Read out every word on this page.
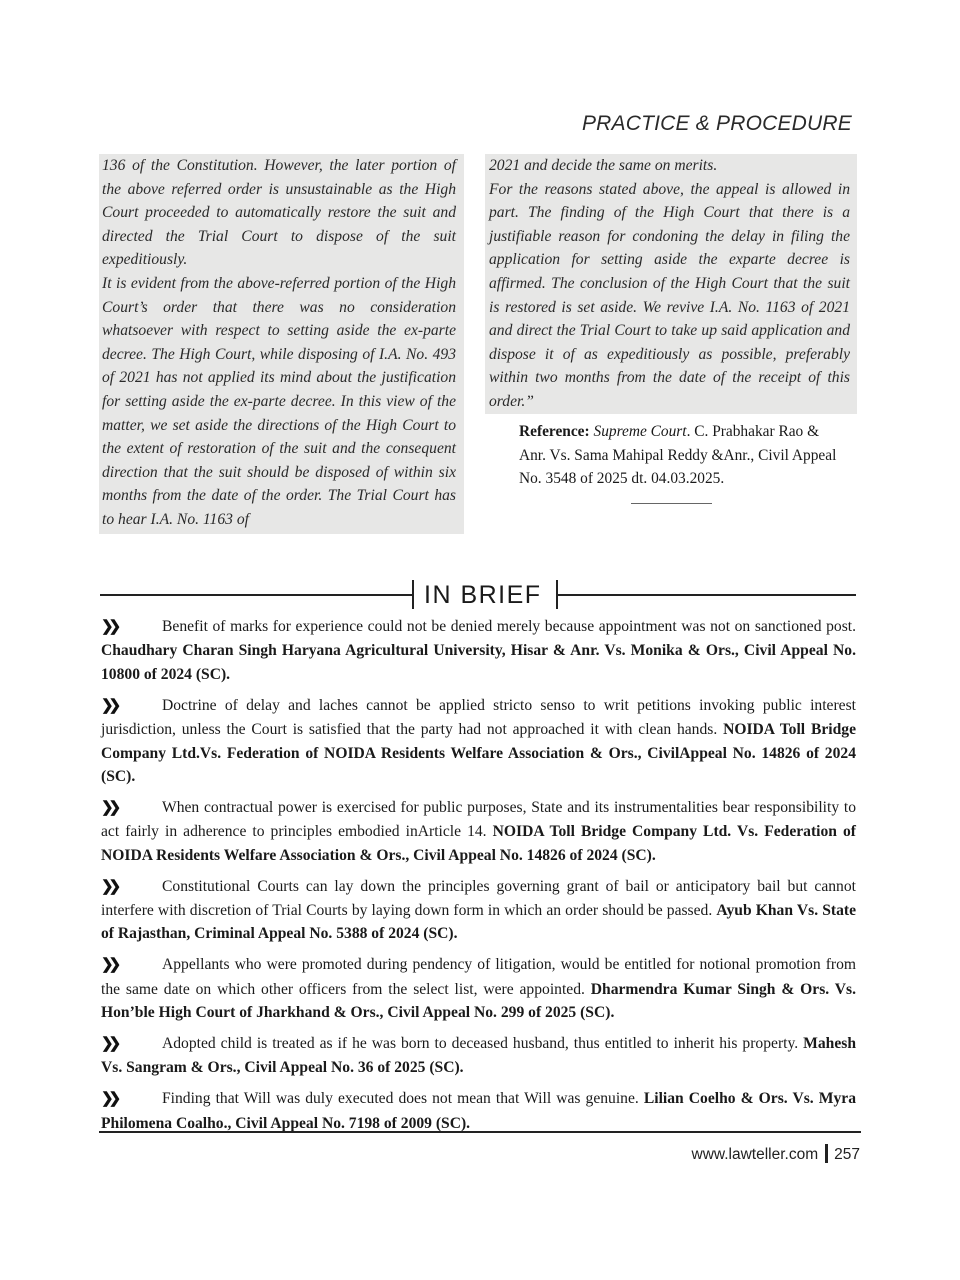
PRACTICE & PROCEDURE

136 of the Constitution. However, the later portion of the above referred order is unsustainable as the High Court proceeded to automatically restore the suit and directed the Trial Court to dispose of the suit expeditiously.

It is evident from the above-referred portion of the High Court’s order that there was no consideration whatsoever with respect to setting aside the ex-parte decree. The High Court, while disposing of I.A. No. 493 of 2021 has not applied its mind about the justification for setting aside the ex-parte decree. In this view of the matter, we set aside the directions of the High Court to the extent of restoration of the suit and the consequent direction that the suit should be disposed of within six months from the date of the order. The Trial Court has to hear I.A. No. 1163 of

2021 and decide the same on merits.

For the reasons stated above, the appeal is allowed in part. The finding of the High Court that there is a justifiable reason for condoning the delay in filing the application for setting aside the exparte decree is affirmed. The conclusion of the High Court that the suit is restored is set aside. We revive I.A. No. 1163 of 2021 and direct the Trial Court to take up said application and dispose it of as expeditiously as possible, preferably within two months from the date of the receipt of this order.”

Reference: Supreme Court. C. Prabhakar Rao & Anr. Vs. Sama Mahipal Reddy &Anr., Civil Appeal No. 3548 of 2025 dt. 04.03.2025.
IN BRIEF

❯❯	Benefit of marks for experience could not be denied merely because appointment was not on sanctioned post. Chaudhary Charan Singh Haryana Agricultural University, Hisar & Anr. Vs. Monika & Ors., Civil Appeal No. 10800 of 2024 (SC).

❯❯	Doctrine of delay and laches cannot be applied stricto senso to writ petitions invoking public interest jurisdiction, unless the Court is satisfied that the party had not approached it with clean hands. NOIDA Toll Bridge Company Ltd.Vs. Federation of NOIDA Residents Welfare Association & Ors., CivilAppeal No. 14826 of 2024 (SC).

❯❯	When contractual power is exercised for public purposes, State and its instrumentalities bear responsibility to act fairly in adherence to principles embodied inArticle 14. NOIDA Toll Bridge Company Ltd. Vs. Federation of NOIDA Residents Welfare Association & Ors., Civil Appeal No. 14826 of 2024 (SC).

❯❯	Constitutional Courts can lay down the principles governing grant of bail or anticipatory bail but cannot interfere with discretion of Trial Courts by laying down form in which an order should be passed. Ayub Khan Vs. State of Rajasthan, Criminal Appeal No. 5388 of 2024 (SC).

❯❯	Appellants who were promoted during pendency of litigation, would be entitled for notional promotion from the same date on which other officers from the select list, were appointed. Dharmendra Kumar Singh & Ors. Vs. Hon’ble High Court of Jharkhand & Ors., Civil Appeal No. 299 of 2025 (SC).

❯❯	Adopted child is treated as if he was born to deceased husband, thus entitled to inherit his property. Mahesh Vs. Sangram & Ors., Civil Appeal No. 36 of 2025 (SC).

❯❯	Finding that Will was duly executed does not mean that Will was genuine. Lilian Coelho & Ors. Vs. Myra Philomena Coalho., Civil Appeal No. 7198 of 2009 (SC).

www.lawteller.com 257
